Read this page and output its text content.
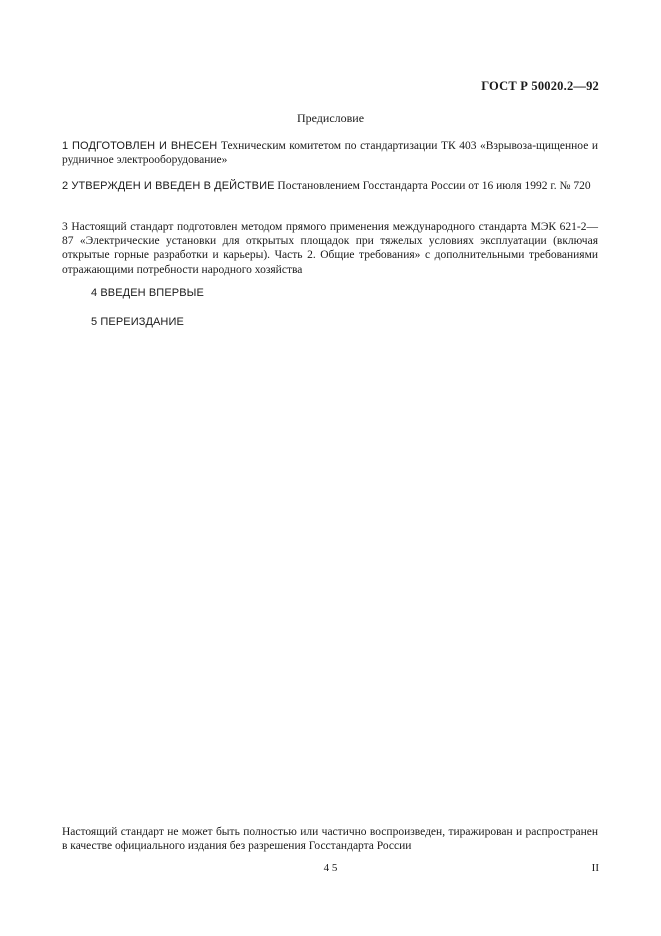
ГОСТ Р 50020.2—92
Предисловие
1 ПОДГОТОВЛЕН И ВНЕСЕН Техническим комитетом по стандартизации ТК 403 «Взрывоза-щищенное и рудничное электрооборудование»
2 УТВЕРЖДЕН И ВВЕДЕН В ДЕЙСТВИЕ Постановлением Госстандарта России от 16 июля 1992 г. № 720
3 Настоящий стандарт подготовлен методом прямого применения международного стандарта МЭК 621-2—87 «Электрические установки для открытых площадок при тяжелых условиях эксплуатации (включая открытые горные разработки и карьеры). Часть 2. Общие требования» с дополнительными требованиями отражающими потребности народного хозяйства
4 ВВЕДЕН ВПЕРВЫЕ
5 ПЕРЕИЗДАНИЕ
Настоящий стандарт не может быть полностью или частично воспроизведен, тиражирован и распространен в качестве официального издания без разрешения Госстандарта России
4 5	II
